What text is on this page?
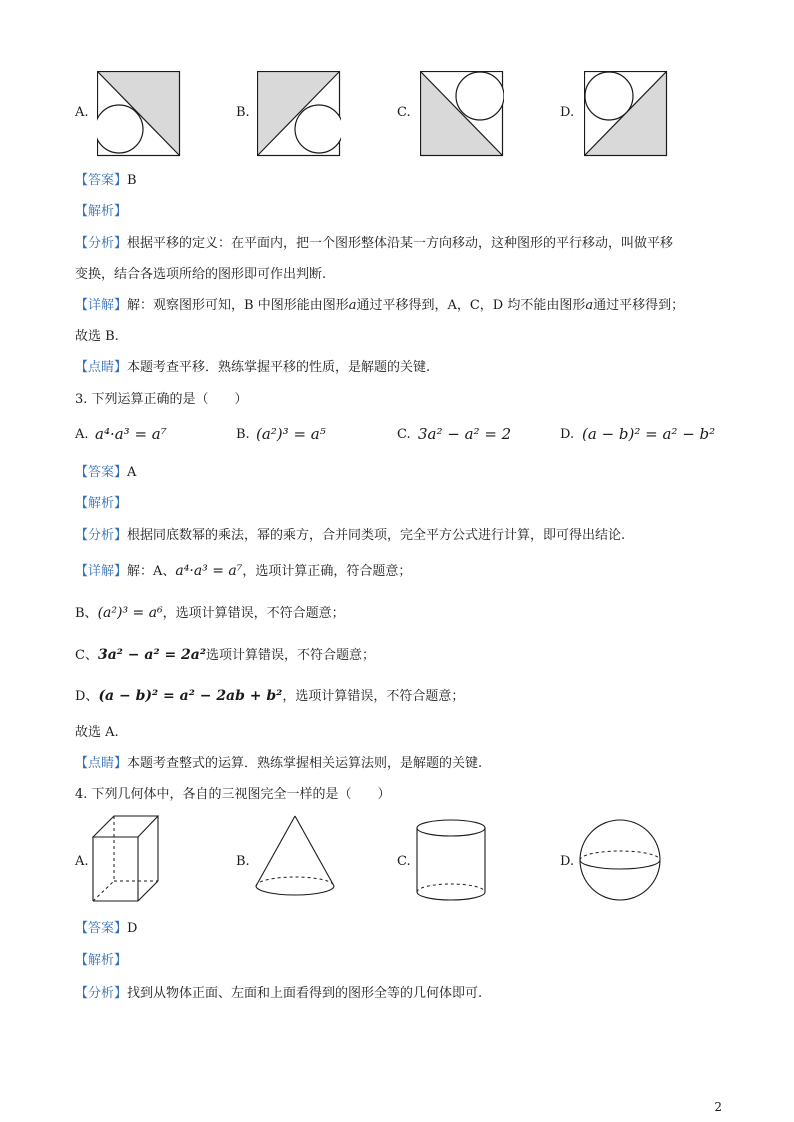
A.	B.	C.	D.
【答案】B
【解析】
【分析】根据平移的定义：在平面内，把一个图形整体沿某一方向移动，这种图形的平行移动，叫做平移
变换，结合各选项所给的图形即可作出判断.
【详解】解：观察图形可知，B 中图形能由图形a通过平移得到，A，C，D 均不能由图形a通过平移得到；
故选 B.
【点睛】本题考查平移．熟练掌握平移的性质，是解题的关键.
3. 下列运算正确的是（　　）
A. a⁴·a³ = a⁷	B. (a²)³ = a⁵	C. 3a² − a² = 2	D. (a − b)² = a² − b²
【答案】A
【解析】
【分析】根据同底数幂的乘法，幂的乘方，合并同类项，完全平方公式进行计算，即可得出结论.
【详解】解：A、a⁴·a³ = a⁷，选项计算正确，符合题意；
B、(a²)³ = a⁶，选项计算错误，不符合题意；
C、3a² − a² = 2a²选项计算错误，不符合题意；
D、(a − b)² = a² − 2ab + b²，选项计算错误，不符合题意；
故选 A.
【点睛】本题考查整式的运算．熟练掌握相关运算法则，是解题的关键.
4. 下列几何体中，各自的三视图完全一样的是（　　）
A.	B.	C.	D.
【答案】D
【解析】
【分析】找到从物体正面、左面和上面看得到的图形全等的几何体即可.
2
